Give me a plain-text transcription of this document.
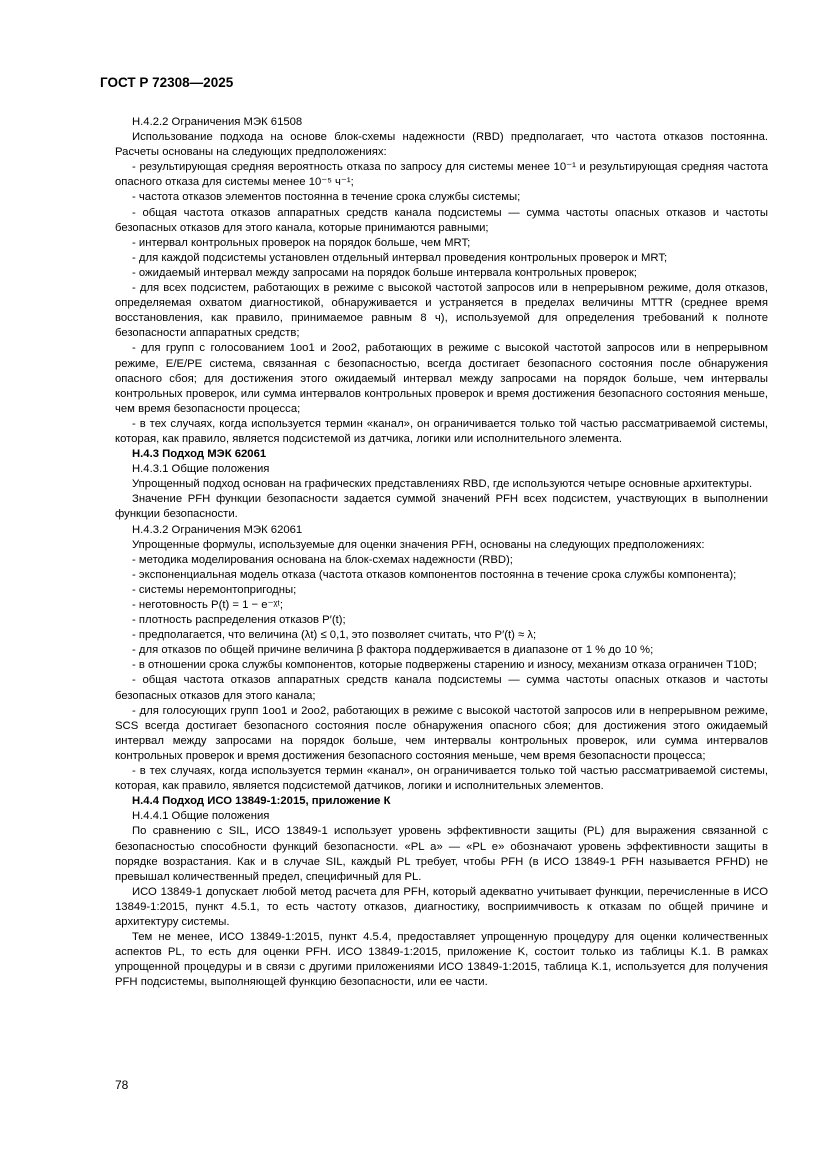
ГОСТ Р 72308—2025

H.4.2.2 Ограничения МЭК 61508

Использование подхода на основе блок-схемы надежности (RBD) предполагает, что частота отказов постоянна. Расчеты основаны на следующих предположениях:

- результирующая средняя вероятность отказа по запросу для системы менее 10⁻¹ и результирующая средняя частота опасного отказа для системы менее 10⁻⁵ ч⁻¹;

- частота отказов элементов постоянна в течение срока службы системы;

- общая частота отказов аппаратных средств канала подсистемы — сумма частоты опасных отказов и частоты безопасных отказов для этого канала, которые принимаются равными;

- интервал контрольных проверок на порядок больше, чем MRT;

- для каждой подсистемы установлен отдельный интервал проведения контрольных проверок и MRT;

- ожидаемый интервал между запросами на порядок больше интервала контрольных проверок;

- для всех подсистем, работающих в режиме с высокой частотой запросов или в непрерывном режиме, доля отказов, определяемая охватом диагностикой, обнаруживается и устраняется в пределах величины MTTR (среднее время восстановления, как правило, принимаемое равным 8 ч), используемой для определения требований к полноте безопасности аппаратных средств;

- для групп с голосованием 1оо1 и 2оо2, работающих в режиме с высокой частотой запросов или в непрерывном режиме, E/E/PE система, связанная с безопасностью, всегда достигает безопасного состояния после обнаружения опасного сбоя; для достижения этого ожидаемый интервал между запросами на порядок больше, чем интервалы контрольных проверок, или сумма интервалов контрольных проверок и время достижения безопасного состояния меньше, чем время безопасности процесса;

- в тех случаях, когда используется термин «канал», он ограничивается только той частью рассматриваемой системы, которая, как правило, является подсистемой из датчика, логики или исполнительного элемента.

H.4.3 Подход МЭК 62061

H.4.3.1 Общие положения

Упрощенный подход основан на графических представлениях RBD, где используются четыре основные архитектуры.

Значение PFH функции безопасности задается суммой значений PFH всех подсистем, участвующих в выполнении функции безопасности.

H.4.3.2 Ограничения МЭК 62061

Упрощенные формулы, используемые для оценки значения PFH, основаны на следующих предположениях:

- методика моделирования основана на блок-схемах надежности (RBD);

- экспоненциальная модель отказа (частота отказов компонентов постоянна в течение срока службы компонента);

- системы неремонтопригодны;

- неготовность P(t) = 1 − e⁻ᵡᵗ;

- плотность распределения отказов P′(t);

- предполагается, что величина (λt) ≤ 0,1, это позволяет считать, что P′(t) ≈ λ;

- для отказов по общей причине величина β фактора поддерживается в диапазоне от 1 % до 10 %;

- в отношении срока службы компонентов, которые подвержены старению и износу, механизм отказа ограничен T10D;

- общая частота отказов аппаратных средств канала подсистемы — сумма частоты опасных отказов и частоты безопасных отказов для этого канала;

- для голосующих групп 1оо1 и 2оо2, работающих в режиме с высокой частотой запросов или в непрерывном режиме, SCS всегда достигает безопасного состояния после обнаружения опасного сбоя; для достижения этого ожидаемый интервал между запросами на порядок больше, чем интервалы контрольных проверок, или сумма интервалов контрольных проверок и время достижения безопасного состояния меньше, чем время безопасности процесса;

- в тех случаях, когда используется термин «канал», он ограничивается только той частью рассматриваемой системы, которая, как правило, является подсистемой датчиков, логики и исполнительных элементов.

H.4.4 Подход ИСО 13849-1:2015, приложение К

H.4.4.1 Общие положения

По сравнению с SIL, ИСО 13849-1 использует уровень эффективности защиты (PL) для выражения связанной с безопасностью способности функций безопасности. «PL a» — «PL e» обозначают уровень эффективности защиты в порядке возрастания. Как и в случае SIL, каждый PL требует, чтобы PFH (в ИСО 13849-1 PFH называется PFHD) не превышал количественный предел, специфичный для PL.

ИСО 13849-1 допускает любой метод расчета для PFH, который адекватно учитывает функции, перечисленные в ИСО 13849-1:2015, пункт 4.5.1, то есть частоту отказов, диагностику, восприимчивость к отказам по общей причине и архитектуру системы.

Тем не менее, ИСО 13849-1:2015, пункт 4.5.4, предоставляет упрощенную процедуру для оценки количественных аспектов PL, то есть для оценки PFH. ИСО 13849-1:2015, приложение K, состоит только из таблицы K.1. В рамках упрощенной процедуры и в связи с другими приложениями ИСО 13849-1:2015, таблица K.1, используется для получения PFH подсистемы, выполняющей функцию безопасности, или ее части.

78
